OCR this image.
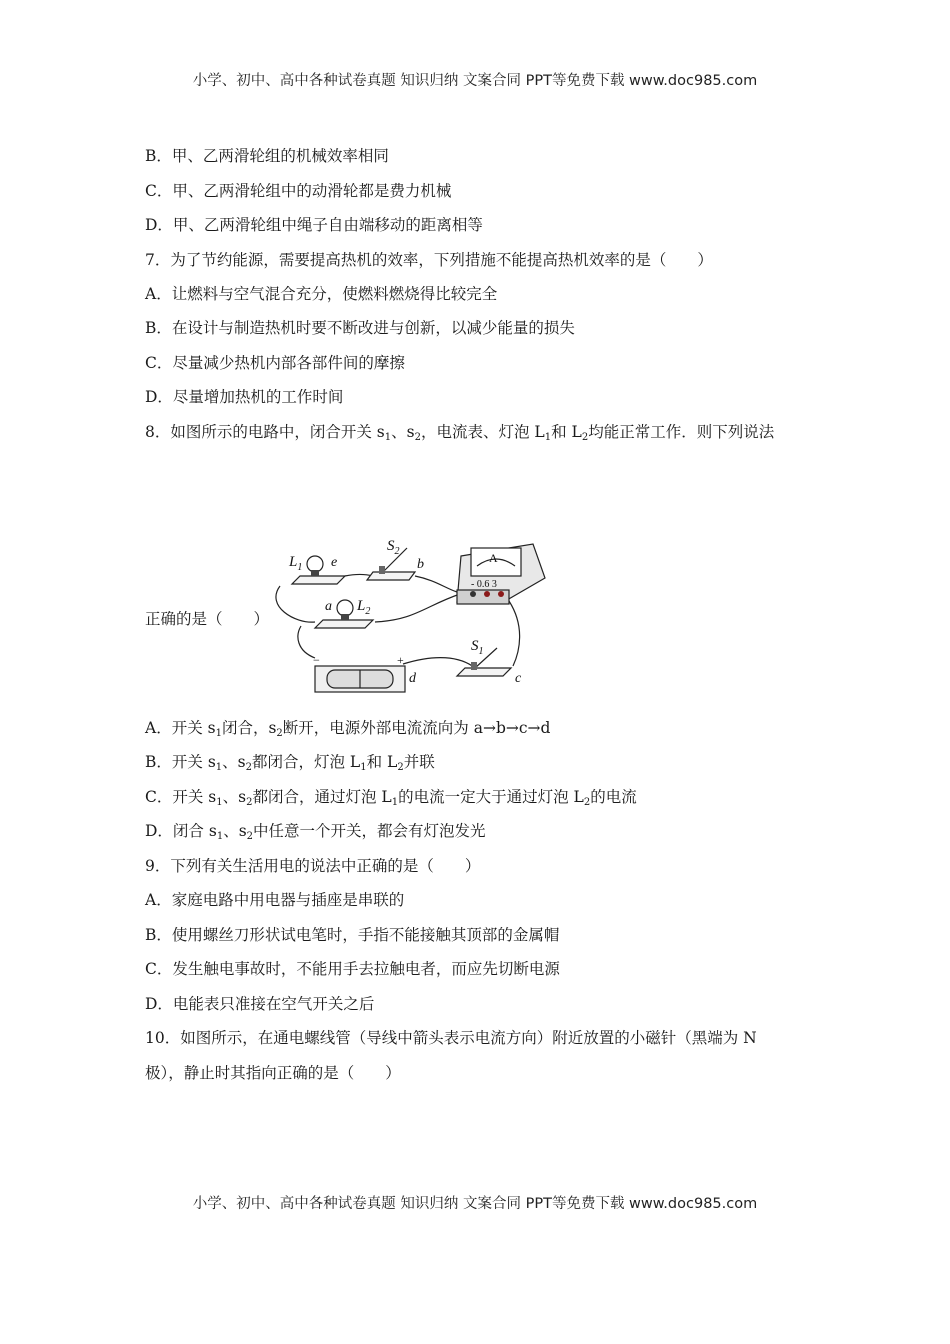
小学、初中、高中各种试卷真题 知识归纳 文案合同 PPT等免费下载 www.doc985.com
B．甲、乙两滑轮组的机械效率相同
C．甲、乙两滑轮组中的动滑轮都是费力机械
D．甲、乙两滑轮组中绳子自由端移动的距离相等
7．为了节约能源，需要提高热机的效率，下列措施不能提高热机效率的是（　　）
A．让燃料与空气混合充分，使燃料燃烧得比较完全
B．在设计与制造热机时要不断改进与创新，以减少能量的损失
C．尽量减少热机内部各部件间的摩擦
D．尽量增加热机的工作时间
8．如图所示的电路中，闭合开关 $s_1$、$s_2$，电流表、灯泡 $L_1$和 $L_2$均能正常工作．则下列说法
正确的是（　　）
$L_1$ e
$S_2$
b	A
- 0.6 3
a $L_2$
−	+
d
$S_1$
c
A．开关 $s_1$闭合，$s_2$断开，电源外部电流流向为 a→b→c→d
B．开关 $s_1$、$s_2$都闭合，灯泡 $L_1$和 $L_2$并联
C．开关 $s_1$、$s_2$都闭合，通过灯泡 $L_1$的电流一定大于通过灯泡 $L_2$的电流
D．闭合 $s_1$、$s_2$中任意一个开关，都会有灯泡发光
9．下列有关生活用电的说法中正确的是（　　）
A．家庭电路中用电器与插座是串联的
B．使用螺丝刀形状试电笔时，手指不能接触其顶部的金属帽
C．发生触电事故时，不能用手去拉触电者，而应先切断电源
D．电能表只准接在空气开关之后
10．如图所示，在通电螺线管（导线中箭头表示电流方向）附近放置的小磁针（黑端为 N
极），静止时其指向正确的是（　　）
小学、初中、高中各种试卷真题 知识归纳 文案合同 PPT等免费下载 www.doc985.com
